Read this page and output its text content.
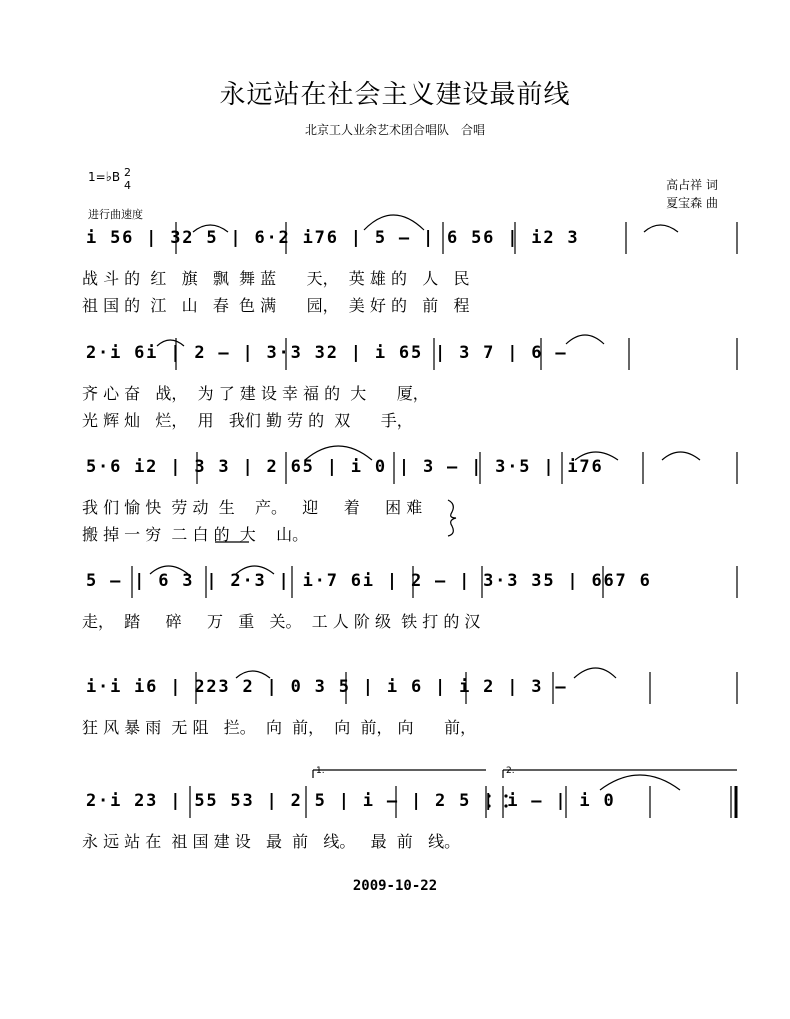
永远站在社会主义建设最前线
北京工人业余艺术团合唱队　合唱
1=♭B 2
4
进行曲速度
高占祥 词
夏宝森 曲
1.	2.
i 56 | 32 5 | 6·2 i76 | 5 – | 6 56 | i2 3
战 斗 的  红   旗   飘  舞 蓝      天，  英 雄 的   人   民
祖 国 的  江   山   春  色 满      园，  美 好 的   前   程
2·i 6i | 2 – | 3·3 32 | i 65 | 3 7 | 6 –
齐 心 奋   战，  为 了 建 设 幸 福 的  大      厦，
光 辉 灿   烂，  用   我们 勤 劳 的  双      手，
5·6 i2 | 3 3 | 2 65 | i 0 | 3 – | 3·5 | i76
我 们 愉 快  劳 动  生    产。   迎     着     困 难
搬 掉 一 穷  二 白 的  大    山。
5 – | 6 3 | 2·3 | i·7 6i | 2 – | 3·3 35 | 667 6
走，  踏     碎     万   重   关。  工 人 阶 级  铁 打 的 汉
i·i i6 | 223 2 | 0 3 5 | i 6 | i 2 | 3 –
狂 风 暴 雨  无 阻   拦。  向  前，  向  前， 向      前，
2·i 23 | 55 53 | 2 5 | i – | 2 5 | i – | i 0
永 远 站 在  祖 国 建 设   最  前   线。   最  前   线。
2009-10-22
